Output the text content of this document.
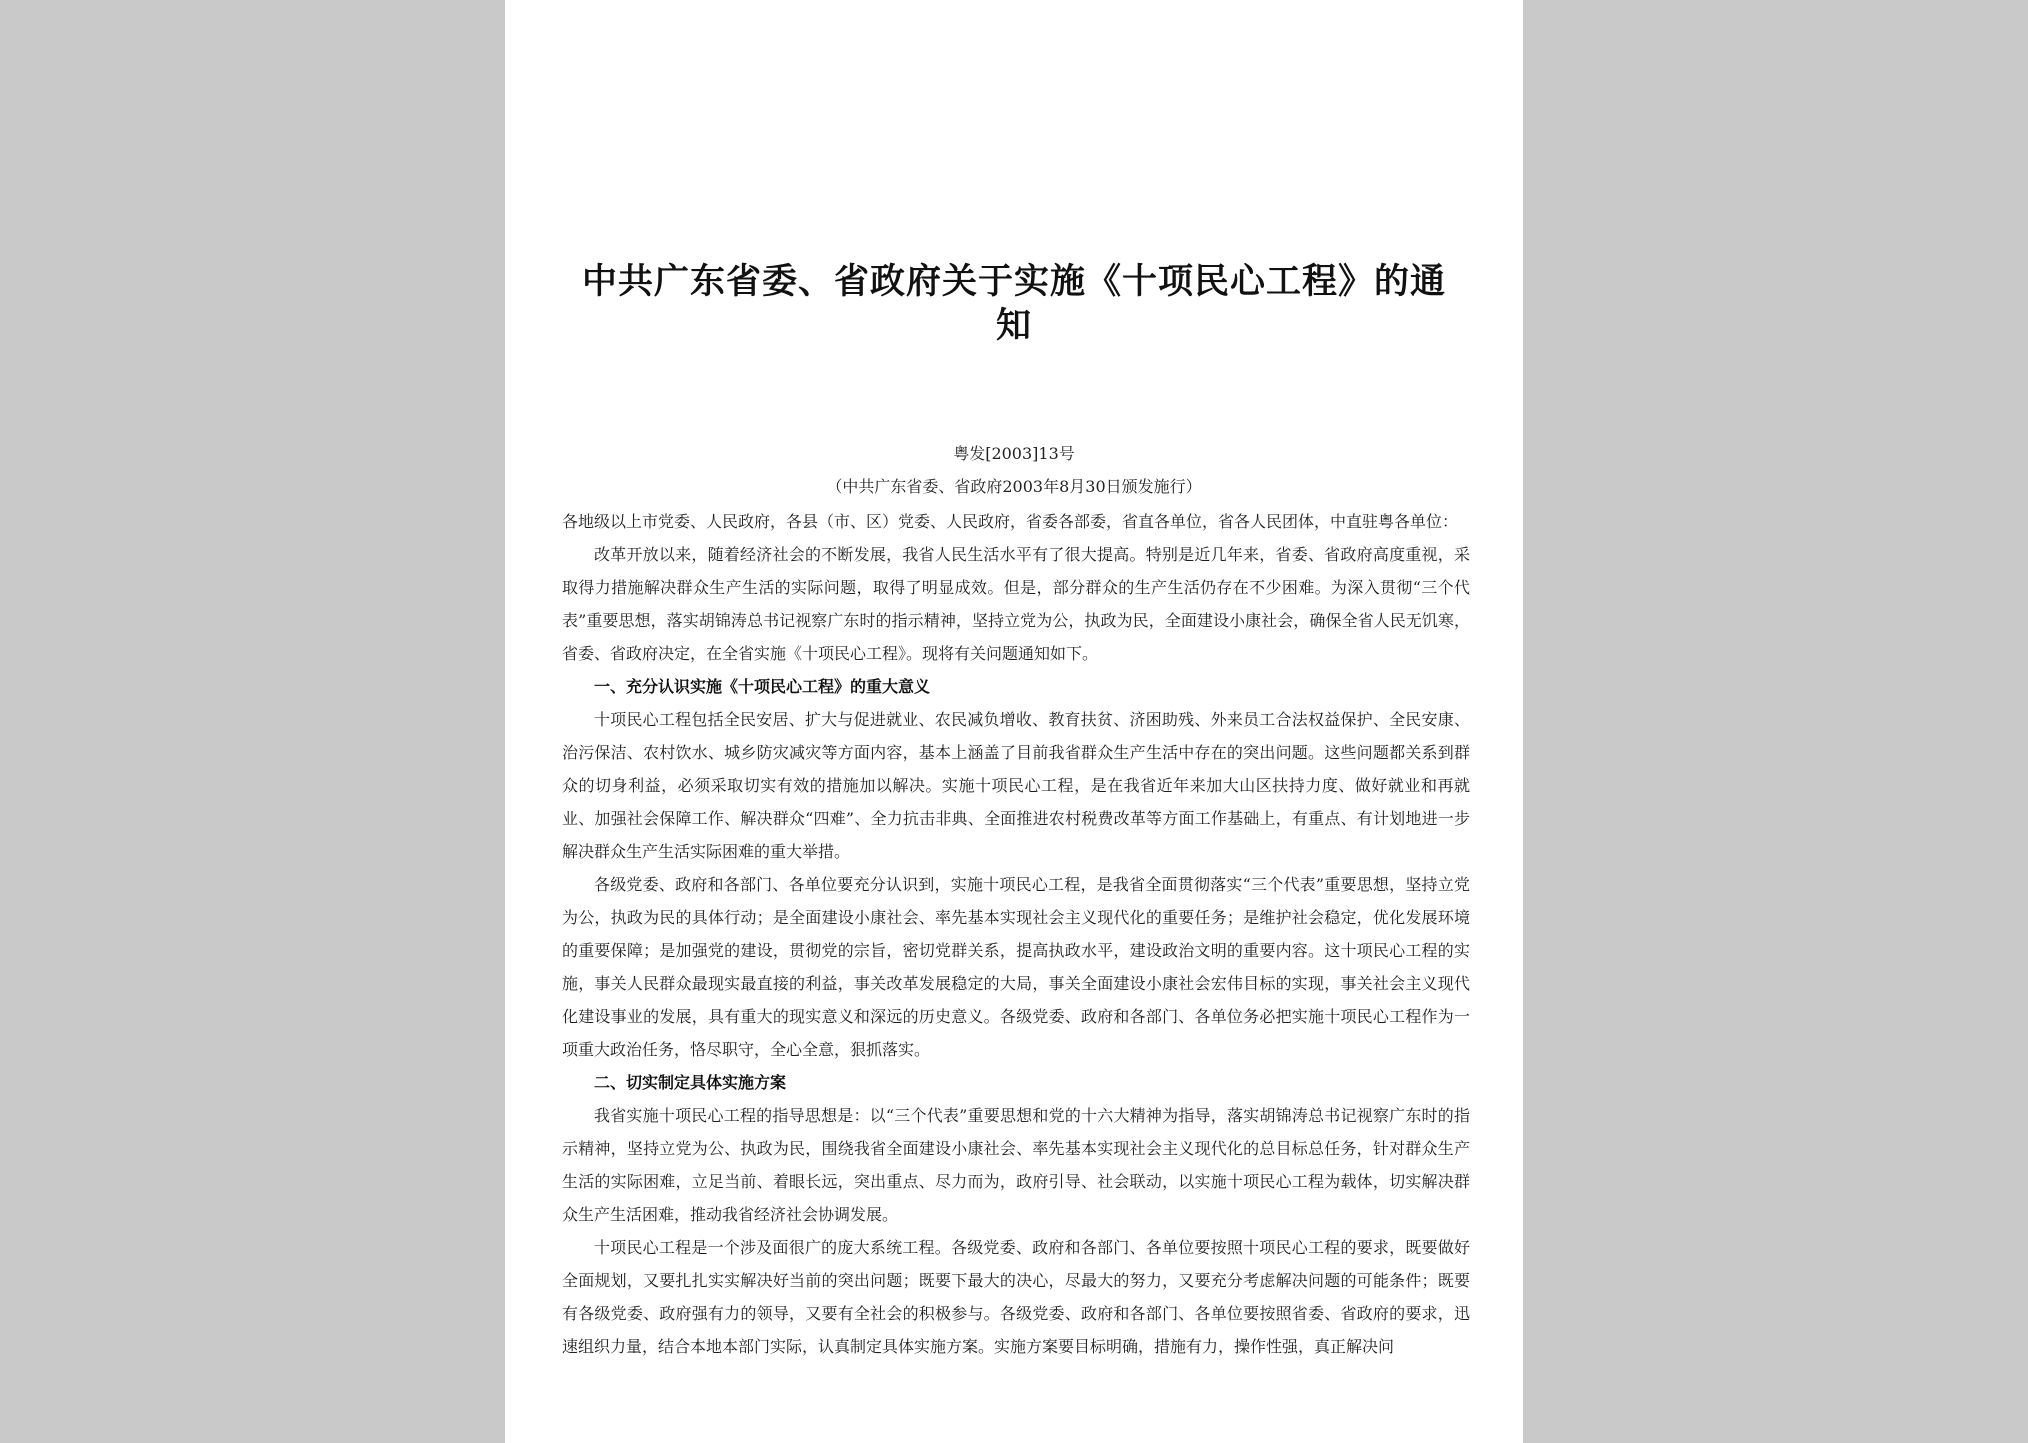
中共广东省委、省政府关于实施《十项民心工程》的通知
粤发[2003]13号
（中共广东省委、省政府2003年8月30日颁发施行）

各地级以上市党委、人民政府，各县（市、区）党委、人民政府，省委各部委，省直各单位，省各人民团体，中直驻粤各单位：

改革开放以来，随着经济社会的不断发展，我省人民生活水平有了很大提高。特别是近几年来，省委、省政府高度重视，采取得力措施解决群众生产生活的实际问题，取得了明显成效。但是，部分群众的生产生活仍存在不少困难。为深入贯彻“三个代表”重要思想，落实胡锦涛总书记视察广东时的指示精神，坚持立党为公，执政为民，全面建设小康社会，确保全省人民无饥寒，省委、省政府决定，在全省实施《十项民心工程》。现将有关问题通知如下。

一、充分认识实施《十项民心工程》的重大意义

十项民心工程包括全民安居、扩大与促进就业、农民减负增收、教育扶贫、济困助残、外来员工合法权益保护、全民安康、治污保洁、农村饮水、城乡防灾减灾等方面内容，基本上涵盖了目前我省群众生产生活中存在的突出问题。这些问题都关系到群众的切身利益，必须采取切实有效的措施加以解决。实施十项民心工程，是在我省近年来加大山区扶持力度、做好就业和再就业、加强社会保障工作、解决群众“四难”、全力抗击非典、全面推进农村税费改革等方面工作基础上，有重点、有计划地进一步解决群众生产生活实际困难的重大举措。

各级党委、政府和各部门、各单位要充分认识到，实施十项民心工程，是我省全面贯彻落实“三个代表”重要思想，坚持立党为公，执政为民的具体行动；是全面建设小康社会、率先基本实现社会主义现代化的重要任务；是维护社会稳定，优化发展环境的重要保障；是加强党的建设，贯彻党的宗旨，密切党群关系，提高执政水平，建设政治文明的重要内容。这十项民心工程的实施，事关人民群众最现实最直接的利益，事关改革发展稳定的大局，事关全面建设小康社会宏伟目标的实现，事关社会主义现代化建设事业的发展，具有重大的现实意义和深远的历史意义。各级党委、政府和各部门、各单位务必把实施十项民心工程作为一项重大政治任务，恪尽职守，全心全意，狠抓落实。

二、切实制定具体实施方案

我省实施十项民心工程的指导思想是：以“三个代表”重要思想和党的十六大精神为指导，落实胡锦涛总书记视察广东时的指示精神，坚持立党为公、执政为民，围绕我省全面建设小康社会、率先基本实现社会主义现代化的总目标总任务，针对群众生产生活的实际困难，立足当前、着眼长远，突出重点、尽力而为，政府引导、社会联动，以实施十项民心工程为载体，切实解决群众生产生活困难，推动我省经济社会协调发展。

十项民心工程是一个涉及面很广的庞大系统工程。各级党委、政府和各部门、各单位要按照十项民心工程的要求，既要做好全面规划，又要扎扎实实解决好当前的突出问题；既要下最大的决心，尽最大的努力，又要充分考虑解决问题的可能条件；既要有各级党委、政府强有力的领导，又要有全社会的积极参与。各级党委、政府和各部门、各单位要按照省委、省政府的要求，迅速组织力量，结合本地本部门实际，认真制定具体实施方案。实施方案要目标明确，措施有力，操作性强，真正解决问
